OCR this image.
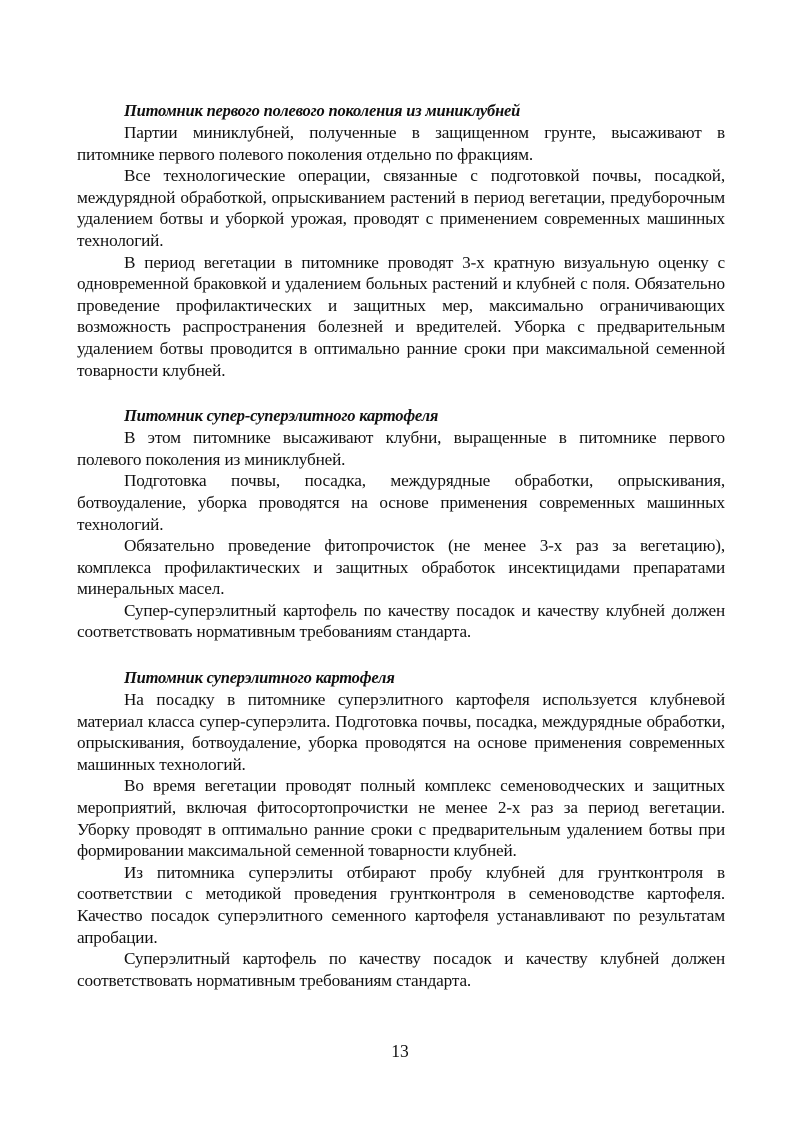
Питомник первого полевого поколения из миниклубней

Партии миниклубней, полученные в защищенном грунте, высаживают в питомнике первого полевого поколения отдельно по фракциям.

Все технологические операции, связанные с подготовкой почвы, посадкой, междурядной обработкой, опрыскиванием растений в период вегетации, предуборочным удалением ботвы и уборкой урожая, проводят с применением современных машинных технологий.

В период вегетации в питомнике проводят 3-х кратную визуальную оценку с одновременной браковкой и удалением больных растений и клубней с поля. Обязательно проведение профилактических и защитных мер, максимально ограничивающих возможность распространения болезней и вредителей. Уборка с предварительным удалением ботвы проводится в оптимально ранние сроки при максимальной семенной товарности клубней.

Питомник супер-суперэлитного картофеля

В этом питомнике высаживают клубни, выращенные в питомнике первого полевого поколения из миниклубней.

Подготовка почвы, посадка, междурядные обработки, опрыскивания, ботвоудаление, уборка проводятся на основе применения современных машинных технологий.

Обязательно проведение фитопрочисток (не менее 3-х раз за вегетацию), комплекса профилактических и защитных обработок инсектицидами препаратами минеральных масел.

Супер-суперэлитный картофель по качеству посадок и качеству клубней должен соответствовать нормативным требованиям стандарта.

Питомник суперэлитного картофеля

На посадку в питомнике суперэлитного картофеля используется клубневой материал класса супер-суперэлита. Подготовка почвы, посадка, междурядные обработки, опрыскивания, ботвоудаление, уборка проводятся на основе применения современных машинных технологий.

Во время вегетации проводят полный комплекс семеноводческих и защитных мероприятий, включая фитосортопрочистки не менее 2-х раз за период вегетации. Уборку проводят в оптимально ранние сроки с предварительным удалением ботвы при формировании максимальной семенной товарности клубней.

Из питомника суперэлиты отбирают пробу клубней для грунтконтроля в соответствии с методикой проведения грунтконтроля в семеноводстве картофеля. Качество посадок суперэлитного семенного картофеля устанавливают по результатам апробации.

Суперэлитный картофель по качеству посадок и качеству клубней должен соответствовать нормативным требованиям стандарта.

13
